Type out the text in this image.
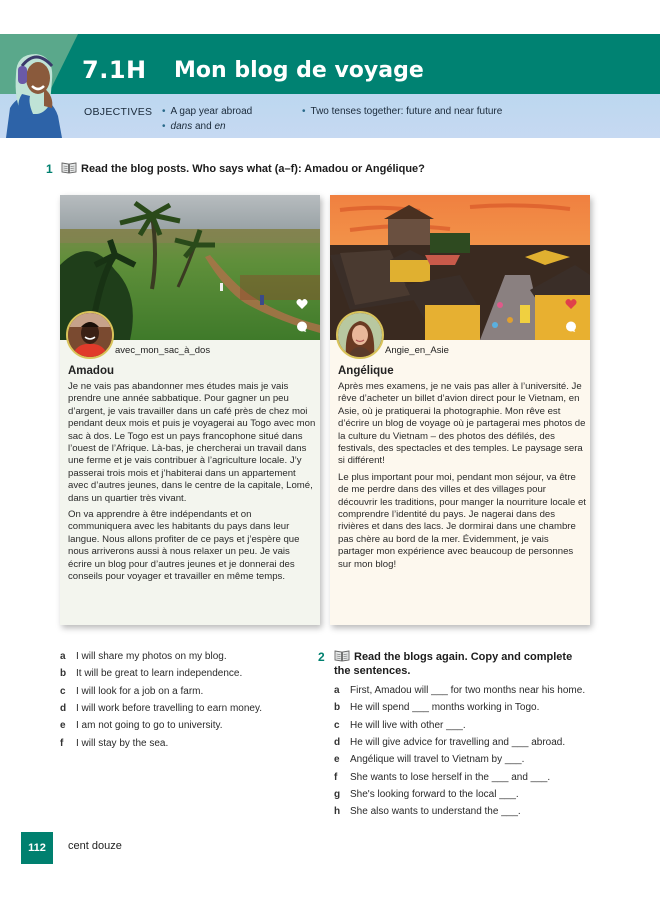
7.1H Mon blog de voyage
OBJECTIVES	• A gap year abroad
• dans and en
• Two tenses together: future and near future
1	Read the blog posts. Who says what (a–f): Amadou or Angélique?
avec_mon_sac_à_dos
Amadou

Je ne vais pas abandonner mes études mais je vais prendre une année sabbatique. Pour gagner un peu d’argent, je vais travailler dans un café près de chez moi pendant deux mois et puis je voyagerai au Togo avec mon sac à dos. Le Togo est un pays francophone situé dans l’ouest de l’Afrique. Là-bas, je chercherai un travail dans une ferme et je vais contribuer à l’agriculture locale. J’y passerai trois mois et j’habiterai dans un appartement avec d’autres jeunes, dans le centre de la capitale, Lomé, dans un quartier très vivant.

On va apprendre à être indépendants et on communiquera avec les habitants du pays dans leur langue. Nous allons profiter de ce pays et j’espère que nous arriverons aussi à nous relaxer un peu. Je vais écrire un blog pour d’autres jeunes et je donnerai des conseils pour voyager et travailler en même temps.

Angie_en_Asie
Angélique

Après mes examens, je ne vais pas aller à l’université. Je rêve d’acheter un billet d’avion direct pour le Vietnam, en Asie, où je pratiquerai la photographie. Mon rêve est d’écrire un blog de voyage où je partagerai mes photos de la culture du Vietnam – des photos des défilés, des festivals, des spectacles et des temples. Le paysage sera si différent!

Le plus important pour moi, pendant mon séjour, va être de me perdre dans des villes et des villages pour découvrir les traditions, pour manger la nourriture locale et comprendre l’identité du pays. Je nagerai dans des rivières et dans des lacs. Je dormirai dans une chambre pas chère au bord de la mer. Évidemment, je vais partager mon expérience avec beaucoup de personnes sur mon blog!

a	I will share my photos on my blog.
b It will be great to learn independence.
c	I will look for a job on a farm.
d I will work before travelling to earn money.
e	I am not going to go to university.
f	I will stay by the sea.
2	Read the blogs again. Copy and complete
the sentences.
a	First, Amadou will ___ for two months near his home.
b He will spend ___ months working in Togo.
c	He will live with other ___.
d He will give advice for travelling and ___ abroad.
e	Angélique will travel to Vietnam by ___.
f	She wants to lose herself in the ___ and ___.
g She's looking forward to the local ___.
h She also wants to understand the ___.
112	cent douze
